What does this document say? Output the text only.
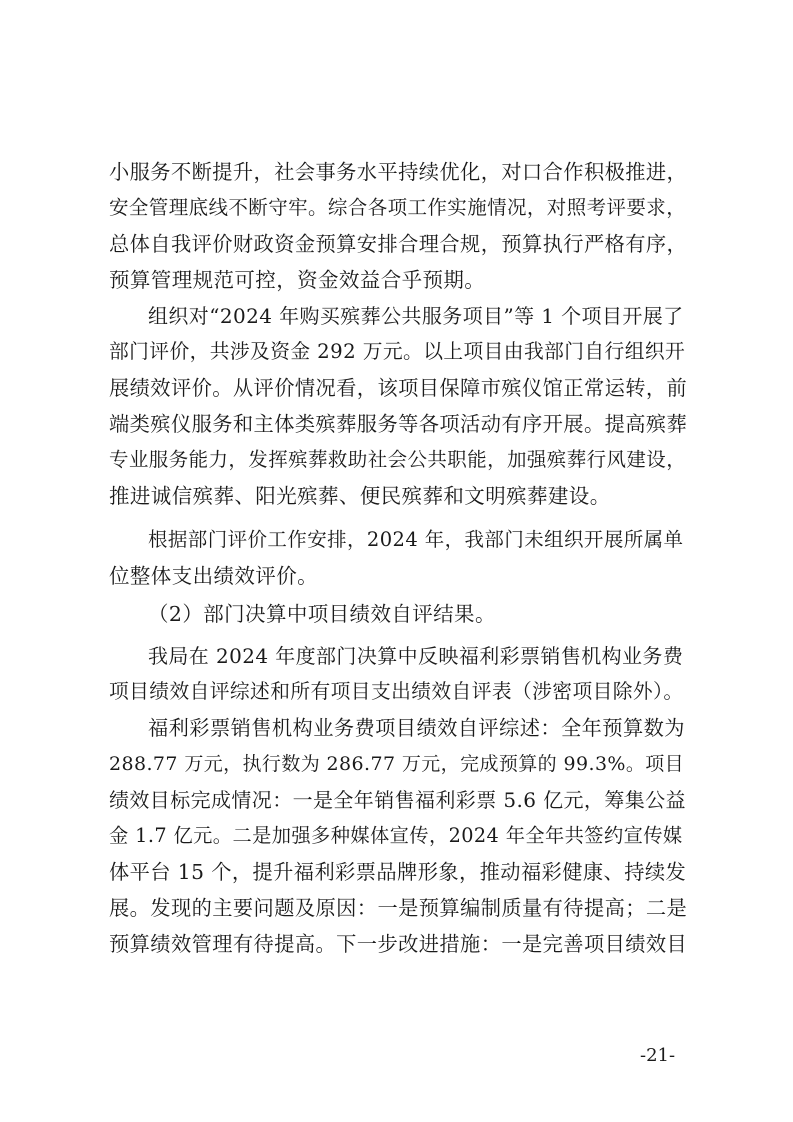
小服务不断提升，社会事务水平持续优化，对口合作积极推进，
安全管理底线不断守牢。综合各项工作实施情况，对照考评要求，
总体自我评价财政资金预算安排合理合规，预算执行严格有序，
预算管理规范可控，资金效益合乎预期。
组织对“2024 年购买殡葬公共服务项目”等 1 个项目开展了
部门评价，共涉及资金 292 万元。以上项目由我部门自行组织开
展绩效评价。从评价情况看，该项目保障市殡仪馆正常运转，前
端类殡仪服务和主体类殡葬服务等各项活动有序开展。提高殡葬
专业服务能力，发挥殡葬救助社会公共职能，加强殡葬行风建设，
推进诚信殡葬、阳光殡葬、便民殡葬和文明殡葬建设。
根据部门评价工作安排，2024 年，我部门未组织开展所属单
位整体支出绩效评价。
（2）部门决算中项目绩效自评结果。
我局在 2024 年度部门决算中反映福利彩票销售机构业务费
项目绩效自评综述和所有项目支出绩效自评表（涉密项目除外）。
福利彩票销售机构业务费项目绩效自评综述：全年预算数为
288.77 万元，执行数为 286.77 万元，完成预算的 99.3%。项目
绩效目标完成情况：一是全年销售福利彩票 5.6 亿元，筹集公益
金 1.7 亿元。二是加强多种媒体宣传，2024 年全年共签约宣传媒
体平台 15 个，提升福利彩票品牌形象，推动福彩健康、持续发
展。发现的主要问题及原因：一是预算编制质量有待提高；二是
预算绩效管理有待提高。下一步改进措施：一是完善项目绩效目
-21-
